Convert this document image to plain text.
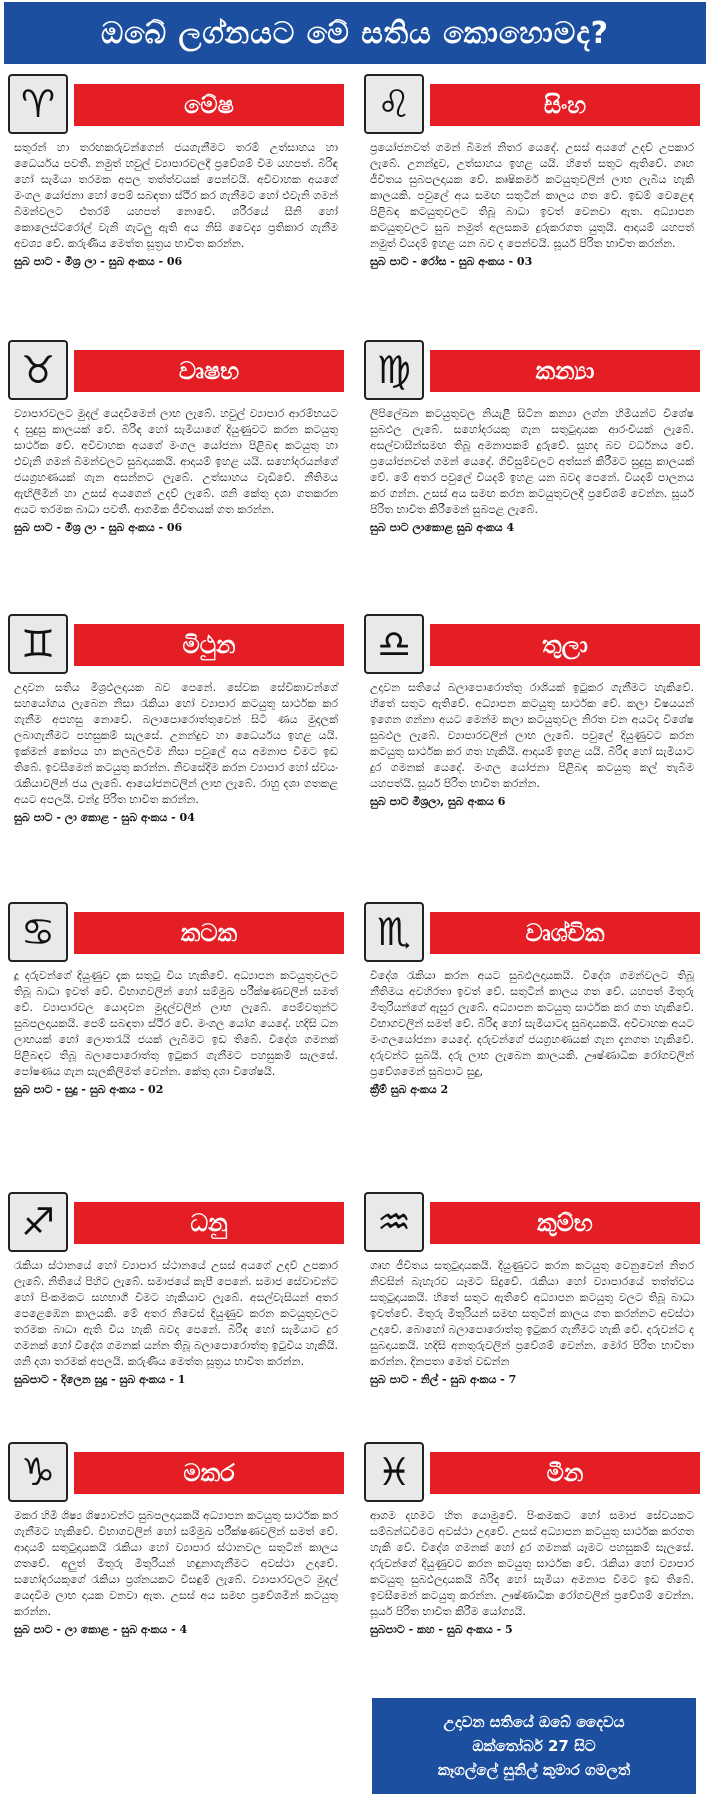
ඔබේ ලග්නයට මේ සතිය කොහොමද?
♈	මේෂ
සතුරන් හා තරඟකරුවන්ගෙන් ජයගැනීමට තරම් උත්සාහය හා ධෛර්යය පවතී. නමුත් හවුල් ව්‍යාපාරවලදී ප්‍රවේශම් වීම යහපත්. බිරිඳ හෝ සැමියා තරමක අපල තත්ත්වයක් පෙන්වයි. අවිවාහක අයගේ මංගල යෝජනා හෝ පෙම් සබඳතා ස්ථිර කර ගැනීමට හෝ එවැනි ගමන් බිමන්වලට එතරම් යහපත් නොවේ. ශරීරයේ සීනි හෝ කොලෙස්ටරෝල් වැනි ගැටලු ඇති අය නිසි වෛද්‍ය ප්‍රතිකාර ගැනීම අවශ්‍ය වේ. කරුණීය මෙත්ත සූත්‍රය භාවිත කරන්න.
සුබ පාට - මිශ්‍ර ලා - සුබ අංකය - 06
♌	සිංහ
ප්‍රයෝජනවත් ගමන් බිමන් නිතර යෙදේ. උසස් අයගේ උදව් උපකාර ලැබේ. උනන්දුව, උත්සාහය ඉහළ යයි. හිතේ සතුට ඇතිවේ. ගෘහ ජීවිතය සුබපලදායක වේ. කෘෂිකර්ම කටයුතුවලින් ලාභ ලැබිය හැකි කාලයකි. පවුලේ අය සමඟ සතුටින් කාලය ගත වේ. ඉඩම් වෙළෙඳ පිළිබඳ කටයුතුවලට තිබූ බාධා ඉවත් වෙනවා ඇත. අධ්‍යාපන කටයුතුවලට සුබ නමුත් අලසකම දුරුකරගත යුතුයි. ආදායම් යහපත් නමුත් වියදම් ඉහළ යන බව ද පෙන්වයි. සූර්ය පිරිත භාවිත කරන්න.
සුබ පාට - රෝස - සුබ අංකය - 03
♉	වෘෂභ
ව්‍යාපාරවලට මුදල් යෙදවීමෙන් ලාභ ලැබේ. හවුල් ව්‍යාපාර ආරම්භයට ද සුදුසු කාලයක් වේ. බිරිඳ හෝ සැමියාගේ දියුණුවට කරන කටයුතු සාර්ථක වේ. අවිවාහක අයගේ මංගල යෝජනා පිළිබඳ කටයුතු හා එවැනි ගමන් බිමන්වලට සුබදායකයි. ආදායම් ඉහළ යයි. සහෝදරයන්ගේ ජයග්‍රහණයක් ගැන අසන්නට ලැබේ. උත්සාහය වැඩිවේ. නීතිමය ඇඟිලීමින් හා උසස් අයගෙන් උදව් ලැබේ. ශනි කේතු දශා ගතකරන අයට තරමක බාධා පවතී. ආගමික ජීවිතයක් ගත කරන්න.
සුබ පාට - මිශ්‍ර ලා - සුබ අංකය - 06
♍	කන්‍යා
ලිපිලේඛන කටයුතුවල නියැළී සිටින කන්‍යා ලග්න හිමියන්ට විශේෂ සුබඵල ලැබේ. සහෝදරයකු ගැන සතුටුදායක ආරංචියක් ලැබේ. අසල්වාසීන්සමඟ තිබූ අමනාපකම් දුරුවේ. සුහද බව වර්ධනය වේ. ප්‍රයෝජනවත් ගමන් යෙදේ. ගිවිසුම්වලට අත්සන් කිරීමට සුදුසු කාලයක් වේ. මේ අතර පවුලේ වියදම් ඉහළ යන බවද පෙනේ. වියදම් පාලනය කර ගන්න. උසස් අය සමඟ කරන කටයුතුවලදී ප්‍රවේශම් වෙන්න. සූර්ය පිරිත භාවිත කිරීමෙන් සුබපළ ලැබේ.
සුබ පාට ලාකොළ සුබ අංකය 4
♊	මිථුන
උදාවන සතිය මිශ්‍රඵලදායක බව පෙනේ. සේවක සේවිකාවන්ගේ සහයෝගය ලැබෙන නිසා රැකියා හෝ ව්‍යාපාර කටයුතු සාර්ථක කර ගැනීම අපහසු නොවේ. බලාපොරොත්තුවෙන් සිටි ණය මුදලක් ලබාගැනීමට පහසුකම් සැලසේ. උනන්දුව හා ධෛර්යය ඉහළ යයි. ඉක්මන් කෝපය හා කලබලවීම නිසා පවුලේ අය අමනාප වීමට ඉඩ තිබේ. ඉවසීමෙන් කටයුතු කරන්න. නිවසේදීම කරන ව්‍යාපාර හෝ ස්වයං රැකියාවලින් ජය ලැබේ. ආයෝජනවලින් ලාභ ලැබේ. රාහු දශා ගතකළ අයට අපලයි. චන්ද්‍ර පිරිත භාවිත කරන්න.
සුබ පාට - ලා කොළ - සුබ අංකය - 04
♎	තුලා
උදාවන සතියේ බලාපොරොත්තු රාශියක් ඉටුකර ගැනීමට හැකිවේ. හිතේ සතුට ඇතිවේ. අධ්‍යාපන කටයුතු සාර්ථක වේ. කලා විෂයයන් ඉගෙන ගන්නා අයට මෙන්ම කලා කටයුතුවල නිරත වන අයටද විශේෂ සුබඵල ලැබේ. ව්‍යාපාරවලින් ලාභ ලැබේ. පවුලේ දියුණුවට කරන කටයුතු සාර්ථක කර ගත හැකියි. ආදායම් ඉහළ යයි. බිරිඳ හෝ සැමියාට දුර ගමනක් යෙදේ. මංගල යෝජනා පිළිබඳ කටයුතු කල් තැබීම යහපත්යි. සූර්ය පිරිත භාවිත කරන්න.
සුබ පාට මිශ්‍රලා, සුබ අංකය 6
♋	කටක
දූ දරුවන්ගේ දියුණුව දැක සතුටු විය හැකිවේ. අධ්‍යාපන කටයුතුවලට තිබූ බාධා ඉවත් වේ. විභාගවලින් හෝ සම්මුඛ පරීක්ෂණවලින් සමත් වේ. ව්‍යාපාරවල යොදවන මුදල්වලින් ලාභ ලැබේ. පෙම්වතුන්ට සුබපලදායකයි. පෙම් සබඳතා ස්ථිර වේ. මංගල යෝග යෙදේ. හදිසි ධන ලාභයක් හෝ ලොතරැයි ජයක් ලැබීමට ඉඩ තිබේ. විදේශ ගමනක් පිළිබඳව තිබූ බලාපොරොත්තු ඉටුකර ගැනීමට පහසුකම් සැලසේ. පෝෂණය ගැන සැලකිලිමත් වෙන්න. කේතු දශා විශේෂයි.
සුබ පාට - සුදු - සුබ අංකය - 02
♏	වෘශ්චික
විදේශ රැකියා කරන අයට සුබඵලදායකයි. විදේශ ගමන්වලට තිබූ නීතිමය අවහිරතා ඉවත් වේ. සතුටින් කාලය ගත වේ. යහපත් මිතුරු මිතුරියන්ගේ ඇසුර ලැබේ. අධ්‍යාපන කටයුතු සාර්ථක කර ගත හැකිවේ. විභාගවලින් සමත් වේ. බිරිඳ හෝ සැමියාටද සුබදායකයි. අවිවාහක අයට මංගලයෝජනා යෙදේ. දරුවන්ගේ ජයග්‍රහණයක් ගැන දැනගත හැකිවේ. දරුවන්ට සුබයි. දරු ලාභ ලැබෙන කාලයකි. ඌෂ්ණාධික රෝගවලින් ප්‍රවේශමෙන් සුබපාට සුදු,
ක්‍රීම් සුබ අංකය 2
♐	ධනු
රැකියා ස්ථානයේ හෝ ව්‍යාපාර ස්ථානයේ උසස් අයගේ උදව් උපකාර ලැබේ. නිතියේ පිහිට ලැබේ. සමාජයේ කැපී පෙනේ. සමාජ සේවාවන්ට හෝ පිංකමකට සහභාගී වීමට හැකියාව ලැබේ. අසල්වැසියන් අතර පෙළෙඹෙන කාලයකි. මේ අතර නිවෙස් දියුණුව කරන කටයුතුවලට තරමක බාධා ඇති විය හැකි බවද පෙනේ. බිරිඳ හෝ සැමියාට දුර ගමනක් හෝ විදේශ ගමනක් යන්න තිබූ බලාපොරොත්තු ඉටුවිය හැකියි. ශනි දශා තරමක් අපලයි. කරුණීය මෙත්ත සූත්‍රය භාවිත කරන්න.
සුබපාට - දිලෙන සුදු - සුබ අංකය - 1
♒	කුම්භ
ගෘහ ජීවිතය සතුටුදායකයි. දියුණුවට කරන කටයුතු වෙනුවෙන් නිතර නිවසින් බැහැරව යෑමට සිදුවේ. රැකියා හෝ ව්‍යාපාරයේ තත්ත්වය සතුටුදායකයි. හිතේ සතුට ඇතිවේ අධ්‍යාපන කටයුතු වලට තිබූ බාධා ඉවත්වේ. මිතුරු මිතුරියන් සමඟ සතුටින් කාලය ගත කරන්නට අවස්ථා උදාවේ. බොහෝ බලාපොරොත්තු ඉටුකර ගැනීමට හැකි වේ. දරුවන්ට ද සුබදායකයි. හදිසි අනතුරුවලින් ප්‍රවේශම් වෙන්න. මෝර පිරිත භාවිතා කරන්න. දිනපතා මෙත් වඩන්න
සුබ පාට - නිල් - සුබ අංකය - 7
♑	මකර
මකර හිමි ශිෂ්‍ය ශිෂ්‍යාවන්ට සුබපලදායකයි අධ්‍යාපන කටයුතු සාර්ථක කර ගැනීමට හැකිවේ. විභාගවලින් හෝ සම්මුඛ පරීක්ෂණවලින් සමත් වේ. ආදායම් සතුටුදායකයි රැකියා හෝ ව්‍යාපාර ස්ථානවල සතුටින් කාලය ගතවේ. අලුත් මිතුරු මිතුරියන් හඳුනාගැනීමට අවස්ථා උදාවේ. සහෝදරයකුගේ රැකියා ප්‍රශ්නයකට විසඳුම් ලැබේ. ව්‍යාපාරවලට මුදල් යෙදවීම ලාභ දායක වනවා ඇත. උසස් අය සමඟ ප්‍රවේශමින් කටයුතු කරන්න.
සුබ පාට - ලා කොළ - සුබ අංකය - 4
♓	මීන
ආගම දහමට හිත යොමුවේ. පිංකමකට හෝ සමාජ සේවයකට සම්බන්ධවීමට අවස්ථා උදාවේ. උසස් අධ්‍යාපන කටයුතු සාර්ථක කරගත හැකි වේ. විදේශ ගමනක් හෝ දුර ගමනක් යෑමට පහසුකම් සැලසේ. දරුවන්ගේ දියුණුවට කරන කටයුතු සාර්ථක වේ. රැකියා හෝ ව්‍යාපාර කටයුතු සුබඵලදායකයි බිරිඳ හෝ සැමියා අමනාප වීමට ඉඩ තිබේ. ඉවසීමෙන් කටයුතු කරන්න. ඌෂ්ණාධික රෝගවලින් ප්‍රවේශම් වෙන්න. සූර්ය පිරිත භාවිත කිරීම යෝග්‍යයි.
සුබපාට - කහ - සුබ අංකය - 5
උදාවන සතියේ ඔබේ දෛවය
ඔක්තෝබර් 27 සිට
කෑගල්ලේ සුනිල් කුමාර ගමලත්
